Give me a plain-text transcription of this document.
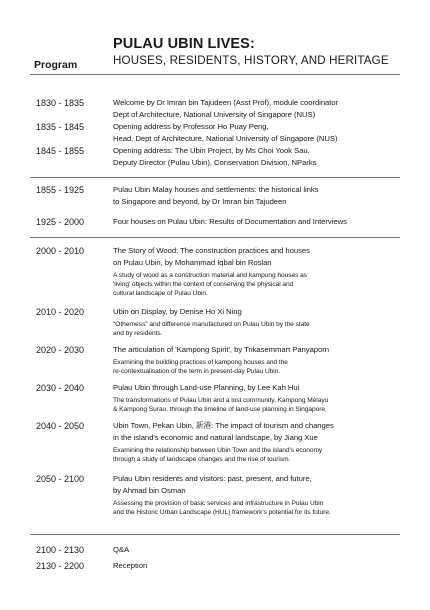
PULAU UBIN LIVES:
HOUSES, RESIDENTS, HISTORY, AND HERITAGE
Program
1830 - 1835	Welcome by Dr Imran bin Tajudeen (Asst Prof), module coordinator
Dept of Architecture, National University of Singapore (NUS)
1835 - 1845	Opening address by Professor Ho Puay Peng,
Head, Dept of Architecture, National University of Singapore (NUS)
1845 - 1855	Opening address: The Ubin Project, by Ms Choi Yook Sau,
Deputy Director (Pulau Ubin), Conservation Division, NParks
1855 - 1925	Pulau Ubin Malay houses and settlements: the historical links
to Singapore and beyond, by Dr Imran bin Tajudeen
1925 - 2000	Four houses on Pulau Ubin: Results of Documentation and Interviews
2000 - 2010	The Story of Wood: The construction practices and houses
on Pulau Ubin, by Mohammad Iqbal bin Roslan
A study of wood as a construction material and kampung houses as
'living' objects within the context of conserving the physical and
cultural landscape of Pulau Ubin.
2010 - 2020	Ubin on Display, by Denise Ho Xi Ning
"Otherness" and difference manufactured on Pulau Ubin by the state
and by residents.
2020 - 2030	The articulation of 'Kampong Spirit', by Trikasemmart Panyaporn
Examining the building practices of kampong houses and the
re-contextualisation of the term in present-day Pulau Ubin.
2030 - 2040	Pulau Ubin through Land-use Planning, by Lee Kah Hui
The transformations of Pulau Ubin and a lost community, Kampong Melayu
& Kampong Surau, through the timeline of land-use planning in Singapore.
2040 - 2050	Ubin Town, Pekan Ubin, 新港: The impact of tourism and changes
in the island's economic and natural landscape, by Jiang Xue
Examining the relationship between Ubin Town and the island's economy
through a study of landscape changes and the rise of tourism.
2050 - 2100	Pulau Ubin residents and visitors: past, present, and future,
by Ahmad bin Osman
Assessing the provision of basic services and infrastructure in Pulau Ubin
and the Historic Urban Landscape (HUL) framework's potential for its future.
2100 - 2130	Q&A
2130 - 2200	Reception
